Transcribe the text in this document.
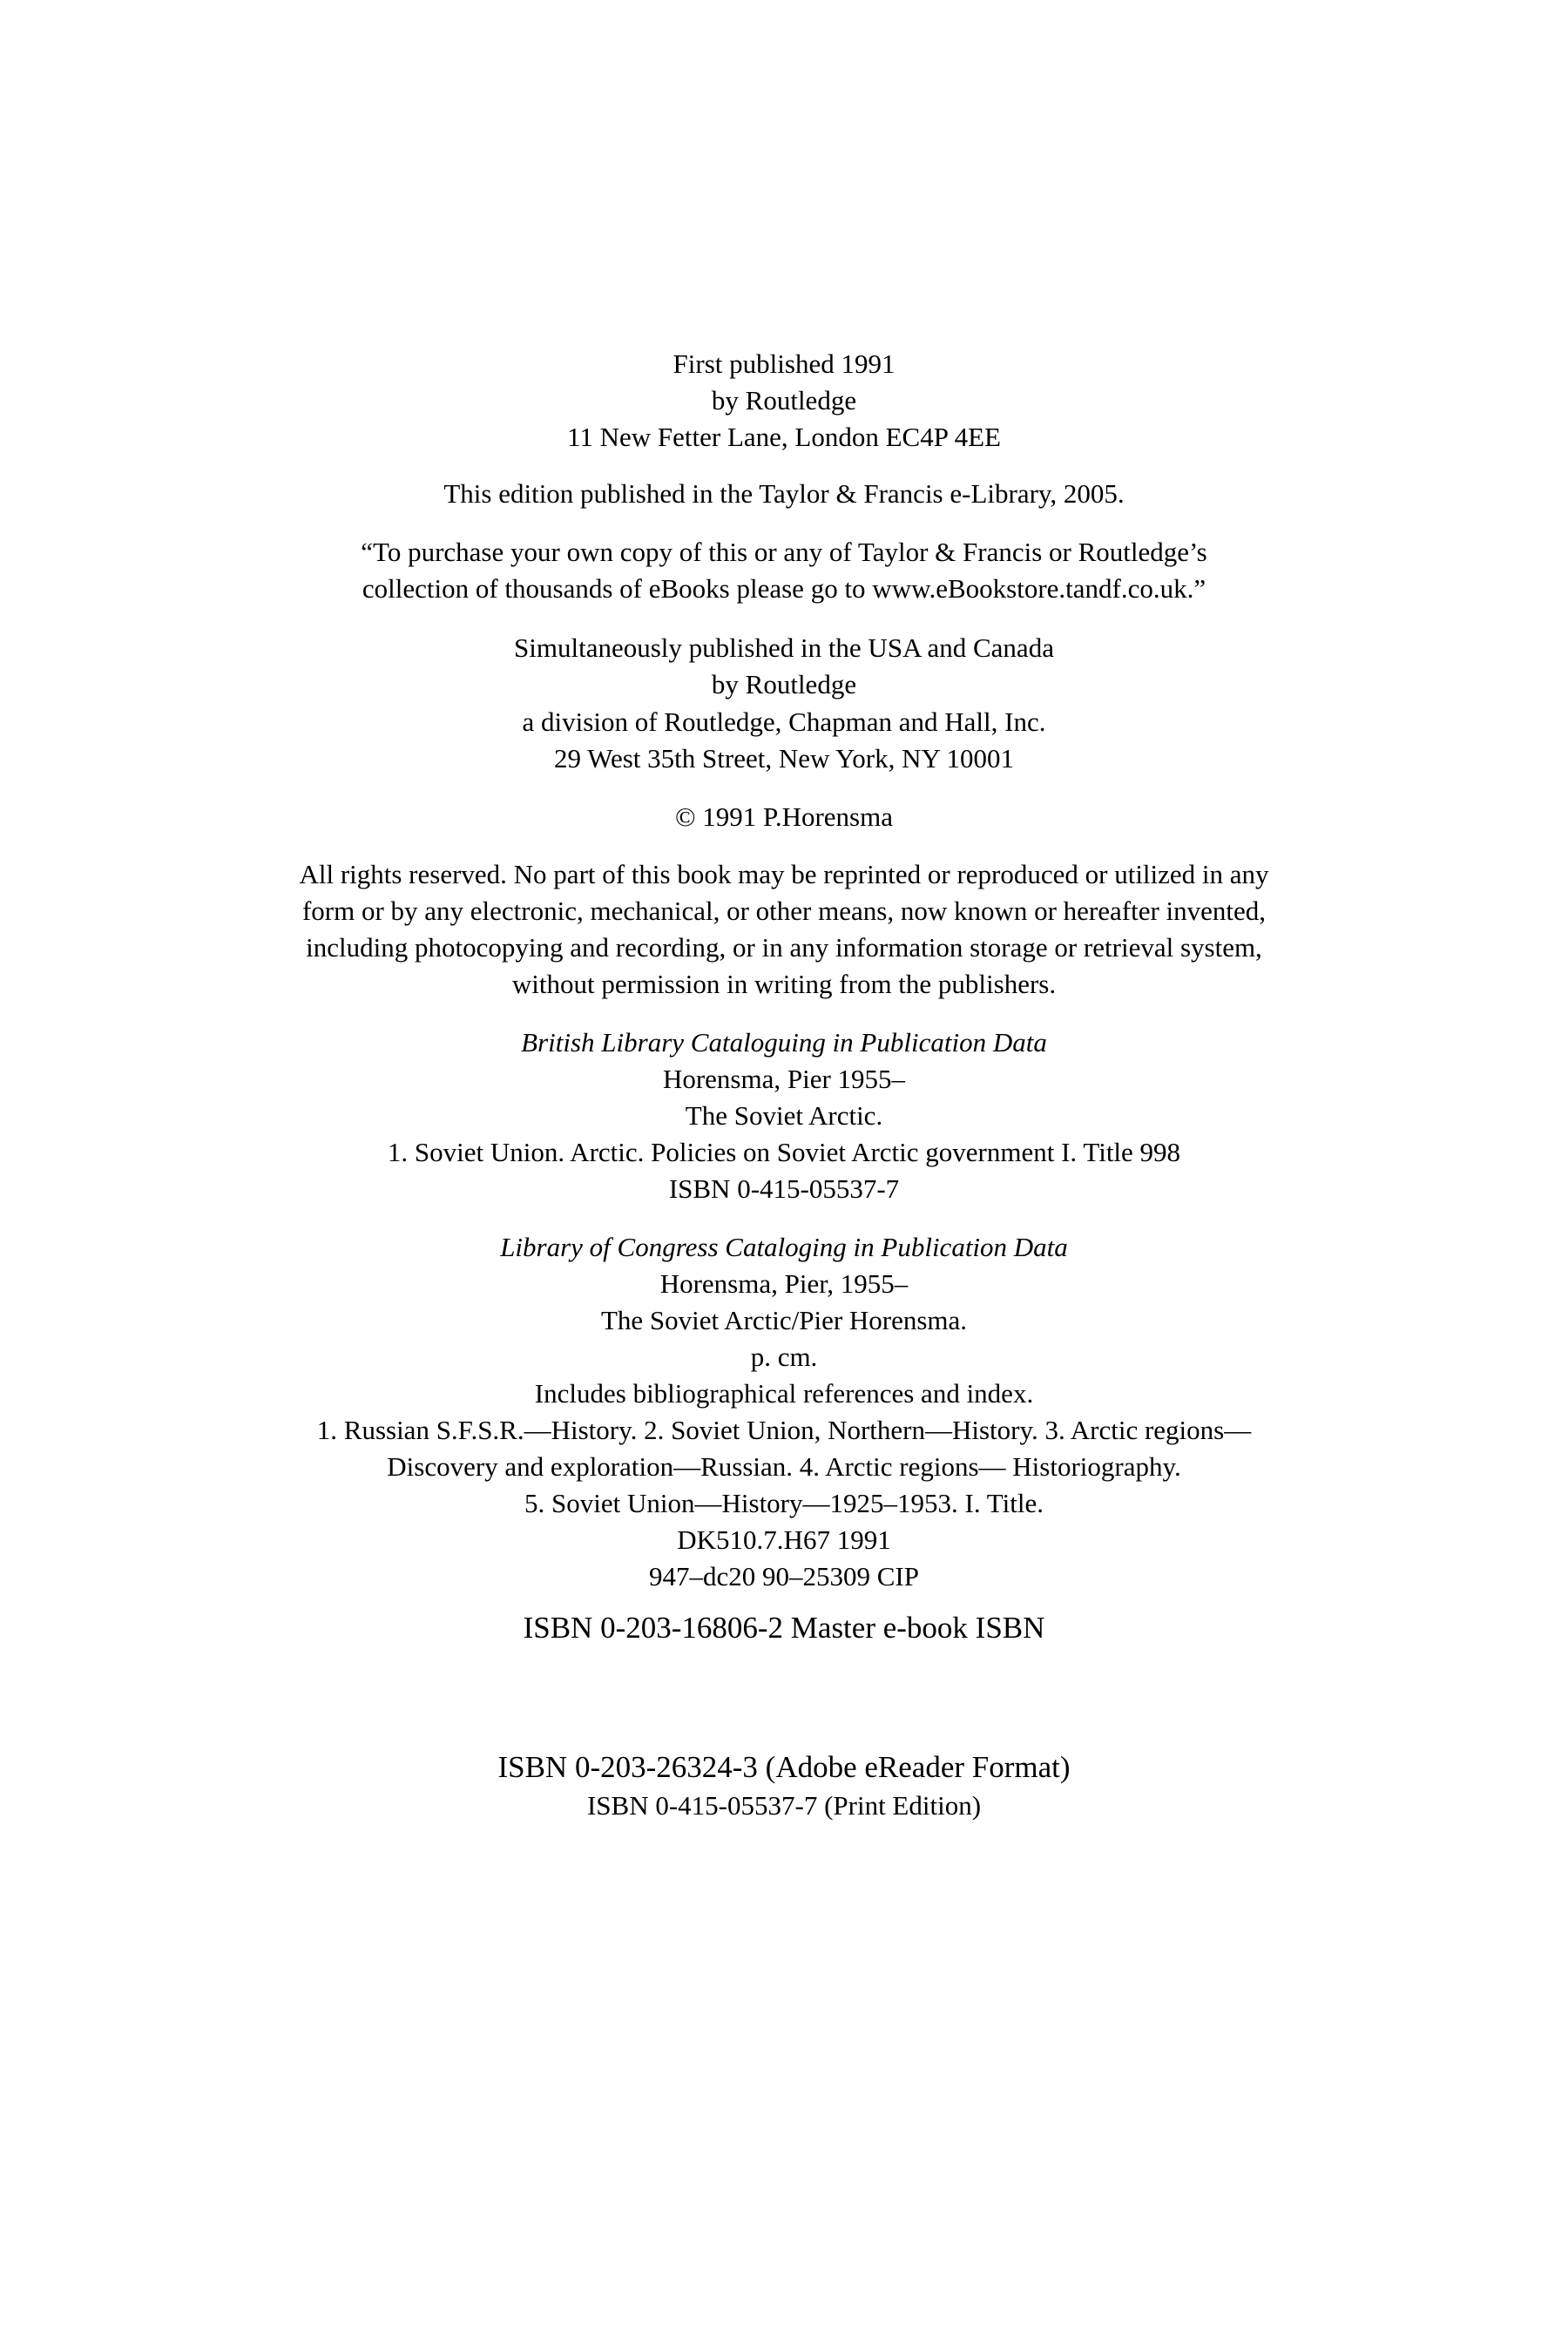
First published 1991
by Routledge
11 New Fetter Lane, London EC4P 4EE
This edition published in the Taylor & Francis e-Library, 2005.
“To purchase your own copy of this or any of Taylor & Francis or Routledge’s
collection of thousands of eBooks please go to www.eBookstore.tandf.co.uk.”
Simultaneously published in the USA and Canada
by Routledge
a division of Routledge, Chapman and Hall, Inc.
29 West 35th Street, New York, NY 10001
© 1991 P.Horensma
All rights reserved. No part of this book may be reprinted or reproduced or utilized in any
form or by any electronic, mechanical, or other means, now known or hereafter invented,
including photocopying and recording, or in any information storage or retrieval system,
without permission in writing from the publishers.
British Library Cataloguing in Publication Data
Horensma, Pier 1955–
The Soviet Arctic.
1. Soviet Union. Arctic. Policies on Soviet Arctic government I. Title 998
ISBN 0-415-05537-7
Library of Congress Cataloging in Publication Data
Horensma, Pier, 1955–
The Soviet Arctic/Pier Horensma.
p. cm.
Includes bibliographical references and index.
1. Russian S.F.S.R.—History. 2. Soviet Union, Northern—History. 3. Arctic regions—
Discovery and exploration—Russian. 4. Arctic regions— Historiography.
5. Soviet Union—History—1925–1953. I. Title.
DK510.7.H67 1991
947–dc20 90–25309 CIP
ISBN 0-203-16806-2 Master e-book ISBN
ISBN 0-203-26324-3 (Adobe eReader Format)
ISBN 0-415-05537-7 (Print Edition)
